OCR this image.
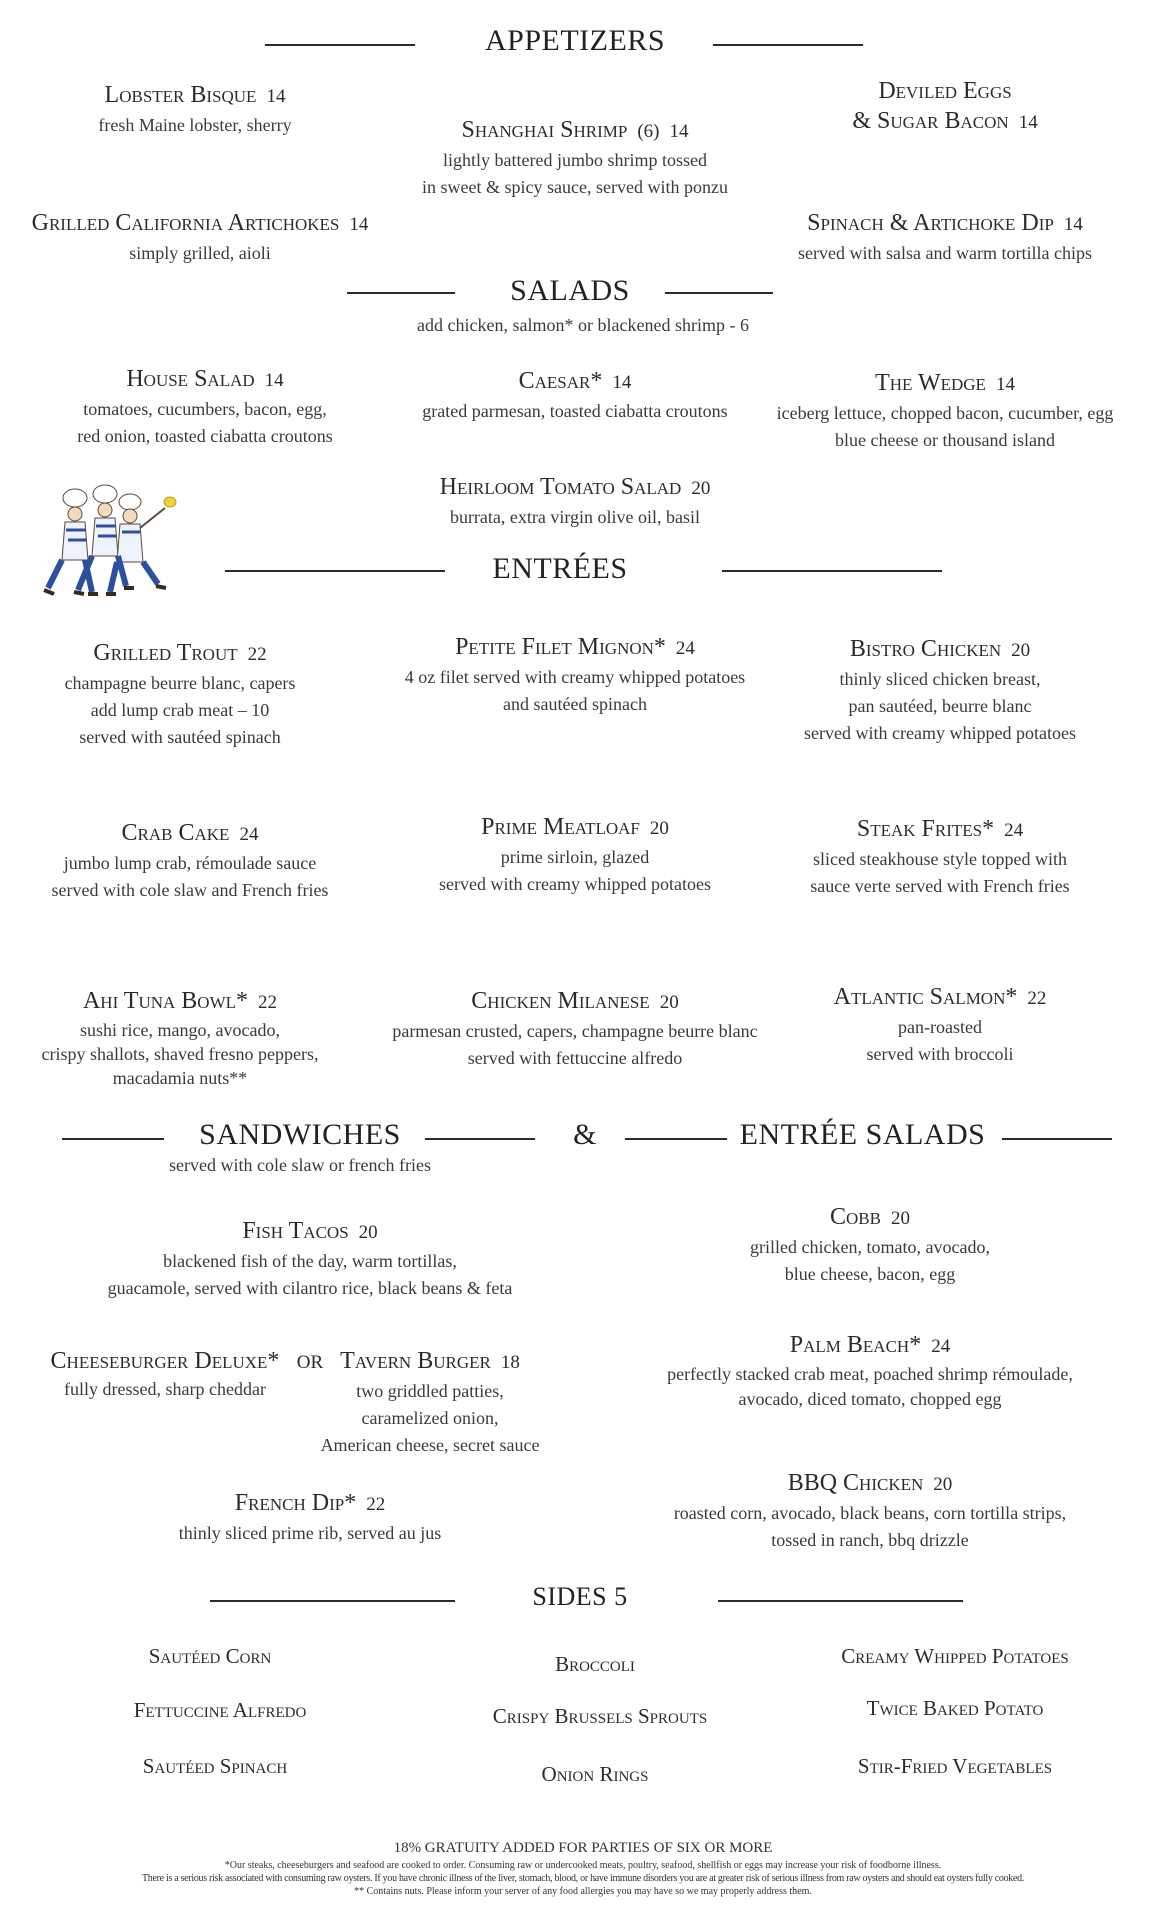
APPETIZERS
Lobster Bisque 14
fresh Maine lobster, sherry	Shanghai Shrimp (6) 14
lightly battered jumbo shrimp tossed
in sweet & spicy sauce, served with ponzu
Deviled Eggs
& Sugar Bacon 14
Grilled California Artichokes 14
simply grilled, aioli
Spinach & Artichoke Dip 14
served with salsa and warm tortilla chips
SALADS
add chicken, salmon* or blackened shrimp - 6
House Salad 14
tomatoes, cucumbers, bacon, egg,
red onion, toasted ciabatta croutons
Caesar* 14
grated parmesan, toasted ciabatta croutons
The Wedge 14
iceberg lettuce, chopped bacon, cucumber, egg
blue cheese or thousand island
Heirloom Tomato Salad 20
burrata, extra virgin olive oil, basil
ENTRÉES
Grilled Trout 22
champagne beurre blanc, capers
add lump crab meat – 10
served with sautéed spinach
Petite Filet Mignon* 24
4 oz filet served with creamy whipped potatoes
and sautéed spinach
Bistro Chicken 20
thinly sliced chicken breast,
pan sautéed, beurre blanc
served with creamy whipped potatoes
Crab Cake 24
jumbo lump crab, rémoulade sauce
served with cole slaw and French fries
Prime Meatloaf 20
prime sirloin, glazed
served with creamy whipped potatoes
Steak Frites* 24
sliced steakhouse style topped with
sauce verte served with French fries
Ahi Tuna Bowl* 22
sushi rice, mango, avocado,
crispy shallots, shaved fresno peppers,
macadamia nuts**
Chicken Milanese 20
parmesan crusted, capers, champagne beurre blanc
served with fettuccine alfredo
Atlantic Salmon* 22
pan-roasted
served with broccoli
SANDWICHES	&	ENTRÉE SALADS
served with cole slaw or french fries
Fish Tacos 20
blackened fish of the day, warm tortillas,
guacamole, served with cilantro rice, black beans & feta
Cheeseburger Deluxe*
fully dressed, sharp cheddar
OR Tavern Burger 18
two griddled patties,
caramelized onion,
American cheese, secret sauce
French Dip* 22
thinly sliced prime rib, served au jus
Cobb 20
grilled chicken, tomato, avocado,
blue cheese, bacon, egg
Palm Beach* 24
perfectly stacked crab meat, poached shrimp rémoulade,
avocado, diced tomato, chopped egg
BBQ Chicken 20
roasted corn, avocado, black beans, corn tortilla strips,
tossed in ranch, bbq drizzle
SIDES 5
Sautéed Corn	Broccoli	Creamy Whipped Potatoes
Fettuccine Alfredo	Crispy Brussels Sprouts	Twice Baked Potato
Sautéed Spinach	Onion Rings	Stir-Fried Vegetables
18% GRATUITY ADDED FOR PARTIES OF SIX OR MORE
*Our steaks, cheeseburgers and seafood are cooked to order. Consuming raw or undercooked meats, poultry, seafood, shellfish or eggs may increase your risk of foodborne illness.
There is a serious risk associated with consuming raw oysters. If you have chronic illness of the liver, stomach, blood, or have immune disorders you are at greater risk of serious illness from raw oysters and should eat oysters fully cooked.
** Contains nuts. Please inform your server of any food allergies you may have so we may properly address them.
